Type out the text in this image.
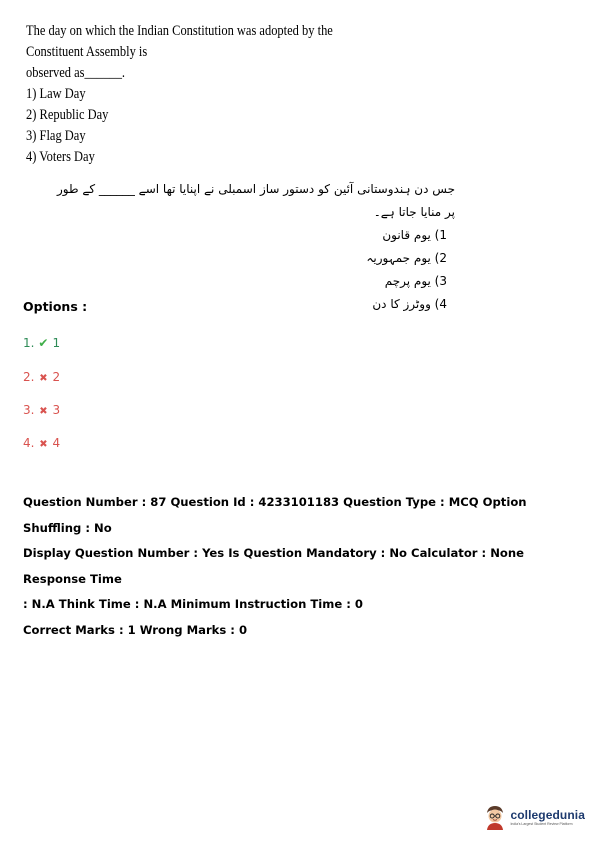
The day on which the Indian Constitution was adopted by the Constituent Assembly is
observed as______.
1) Law Day
2) Republic Day
3) Flag Day
4) Voters Day
جس دن ہندوستانی آئین کو دستور ساز اسمبلی نے اپنایا تھا اسے ______ کے طور پر منایا جاتا ہے۔
1) یوم قانون
2) یوم جمہوریہ
3) یوم پرچم
4) ووٹرز کا دن
Options :
1. ✔ 1
2. ✖ 2
3. ✖ 3
4. ✖ 4
Question Number : 87 Question Id : 4233101183 Question Type : MCQ Option Shuffling : No
Display Question Number : Yes Is Question Mandatory : No Calculator : None Response Time
: N.A Think Time : N.A Minimum Instruction Time : 0
Correct Marks : 1 Wrong Marks : 0
collegedunia
India's Largest Student Review Platform
